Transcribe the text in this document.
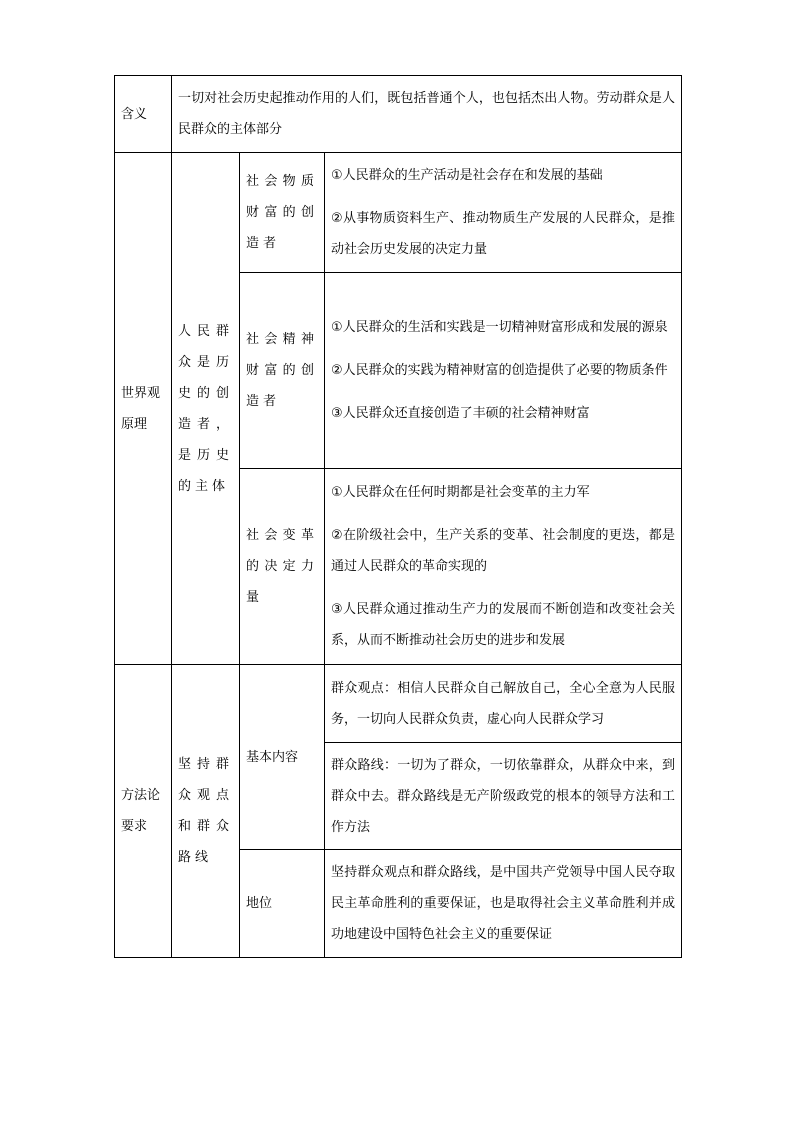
含义	一切对社会历史起推动作用的人们，既包括普通个人，也包括杰出人物。劳动群众是人民群众的主体部分		

世界观原理	人民群众是历史的创造者，是历史的主体	社会物质财富的创造者	①人民群众的生产活动是社会存在和发展的基础

②从事物质资料生产、推动物质生产发展的人民群众，是推动社会历史发展的决定力量

		社会精神财富的创造者	①人民群众的生活和实践是一切精神财富形成和发展的源泉

②人民群众的实践为精神财富的创造提供了必要的物质条件

③人民群众还直接创造了丰硕的社会精神财富

		社会变革的决定力量	①人民群众在任何时期都是社会变革的主力军

②在阶级社会中，生产关系的变革、社会制度的更迭，都是通过人民群众的革命实现的

③人民群众通过推动生产力的发展而不断创造和改变社会关系，从而不断推动社会历史的进步和发展

方法论要求	坚持群众观点和群众路线	基本内容	群众观点：相信人民群众自己解放自己，全心全意为人民服务，一切向人民群众负责，虚心向人民群众学习

			群众路线：一切为了群众，一切依靠群众，从群众中来，到群众中去。群众路线是无产阶级政党的根本的领导方法和工作方法

		地位	坚持群众观点和群众路线，是中国共产党领导中国人民夺取民主革命胜利的重要保证，也是取得社会主义革命胜利并成功地建设中国特色社会主义的重要保证
